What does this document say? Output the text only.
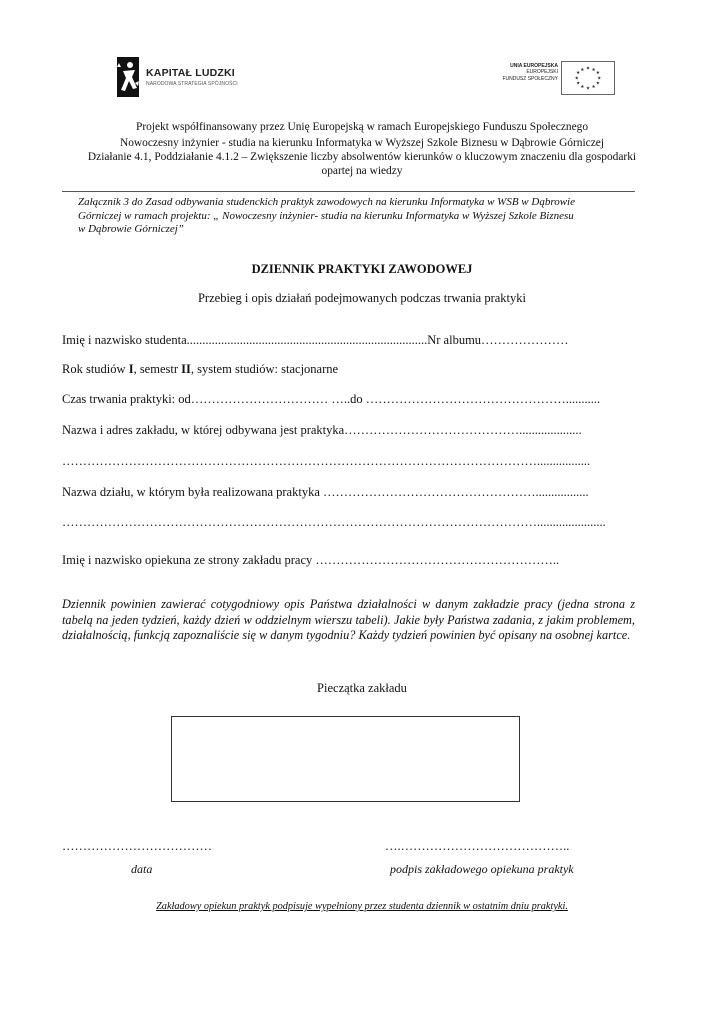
KAPITAŁ LUDZKI
NARODOWA STRATEGIA SPÓJNOŚCI
UNIA EUROPEJSKA
EUROPEJSKI
FUNDUSZ SPOŁECZNY
★ ★
★
★
★
★
★
★
★
★
★
★
Projekt współfinansowany przez Unię Europejską w ramach Europejskiego Funduszu Społecznego
Nowoczesny inżynier - studia na kierunku Informatyka w Wyższej Szkole Biznesu w Dąbrowie Górniczej
Działanie 4.1, Poddziałanie 4.1.2 – Zwiększenie liczby absolwentów kierunków o kluczowym znaczeniu dla gospodarki
opartej na wiedzy
Załącznik 3 do Zasad odbywania studenckich praktyk zawodowych na kierunku Informatyka w WSB w Dąbrowie
Górniczej w ramach projektu: „ Nowoczesny inżynier- studia na kierunku Informatyka w Wyższej Szkole Biznesu
w Dąbrowie Górniczej”
DZIENNIK PRAKTYKI ZAWODOWEJ
Przebieg i opis działań podejmowanych podczas trwania praktyki
Imię i nazwisko studenta.............................................................................Nr albumu…………………
Rok studiów I, semestr II, system studiów: stacjonarne
Czas trwania praktyki: od…………………………… …..do …………………………………………...........
Nazwa i adres zakładu, w której odbywana jest praktyka……………………………………....................
…………………………………………………………………………………………………….................
Nazwa działu, w którym była realizowana praktyka …………………………………………….................
……………………………………………………………………………………………………......................
Imię i nazwisko opiekuna ze strony zakładu pracy …………………………………………………..
Dziennik powinien zawierać cotygodniowy opis Państwa działalności w danym zakładzie pracy (jedna strona z tabelą na jeden tydzień, każdy dzień w oddzielnym wierszu tabeli). Jakie były Państwa zadania, z jakim problemem, działalnością, funkcją zapoznaliście się w danym tygodniu? Każdy tydzień powinien być opisany na osobnej kartce.
Pieczątka zakładu
………………………………	….…………………………………..
data	podpis zakładowego opiekuna praktyk
Zakładowy opiekun praktyk podpisuje wypełniony przez studenta dziennik w ostatnim dniu praktyki.
